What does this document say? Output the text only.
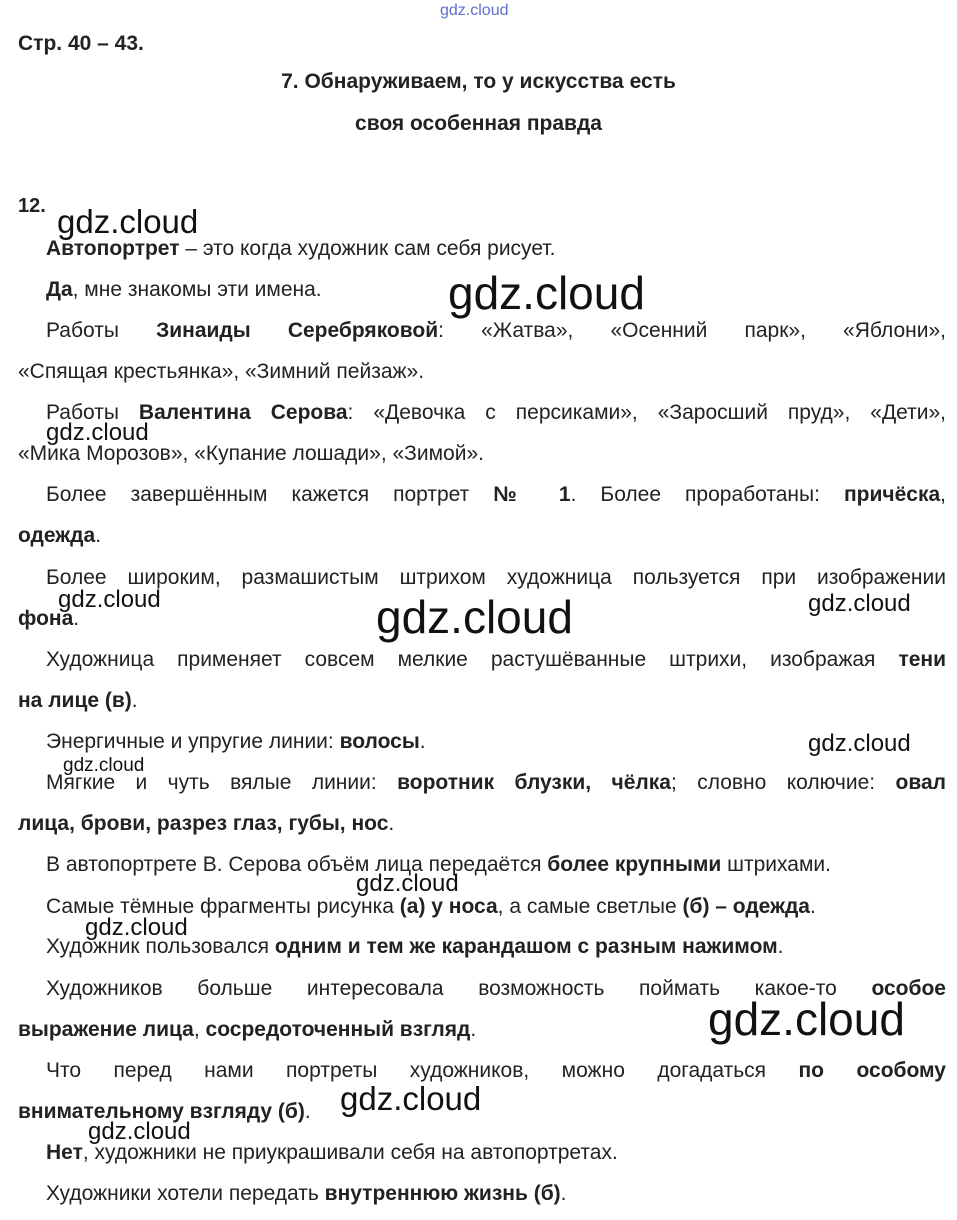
gdz.cloud
Стр. 40 – 43.
7. Обнаруживаем, то у искусства есть
своя особенная правда
12.
Автопортрет – это когда художник сам себя рисует.
Да, мне знакомы эти имена.
Работы Зинаиды Серебряковой: «Жатва», «Осенний парк», «Яблони»,
«Спящая крестьянка», «Зимний пейзаж».
Работы Валентина Серова: «Девочка с персиками», «Заросший пруд», «Дети»,
«Мика Морозов», «Купание лошади», «Зимой».
Более завершённым кажется портрет № 1. Более проработаны: причёска,
одежда.
Более широким, размашистым штрихом художница пользуется при изображении
фона.
Художница применяет совсем мелкие растушёванные штрихи, изображая тени
на лице (в).
Энергичные и упругие линии: волосы.
Мягкие и чуть вялые линии: воротник блузки, чёлка; словно колючие: овал
лица, брови, разрез глаз, губы, нос.
В автопортрете В. Серова объём лица передаётся более крупными штрихами.
Самые тёмные фрагменты рисунка (а) у носа, а самые светлые (б) – одежда.
Художник пользовался одним и тем же карандашом с разным нажимом.
Художников больше интересовала возможность поймать какое-то особое
выражение лица, сосредоточенный взгляд.
Что перед нами портреты художников, можно догадаться по особому
внимательному взгляду (б).
Нет, художники не приукрашивали себя на автопортретах.
Художники хотели передать внутреннюю жизнь (б).
gdz.cloud
gdz.cloud
gdz.cloud
gdz.cloud	gdz.cloud	gdz.cloud
gdz.cloud
gdz.cloud
gdz.cloud
gdz.cloud
gdz.cloud
gdz.cloud
gdz.cloud
